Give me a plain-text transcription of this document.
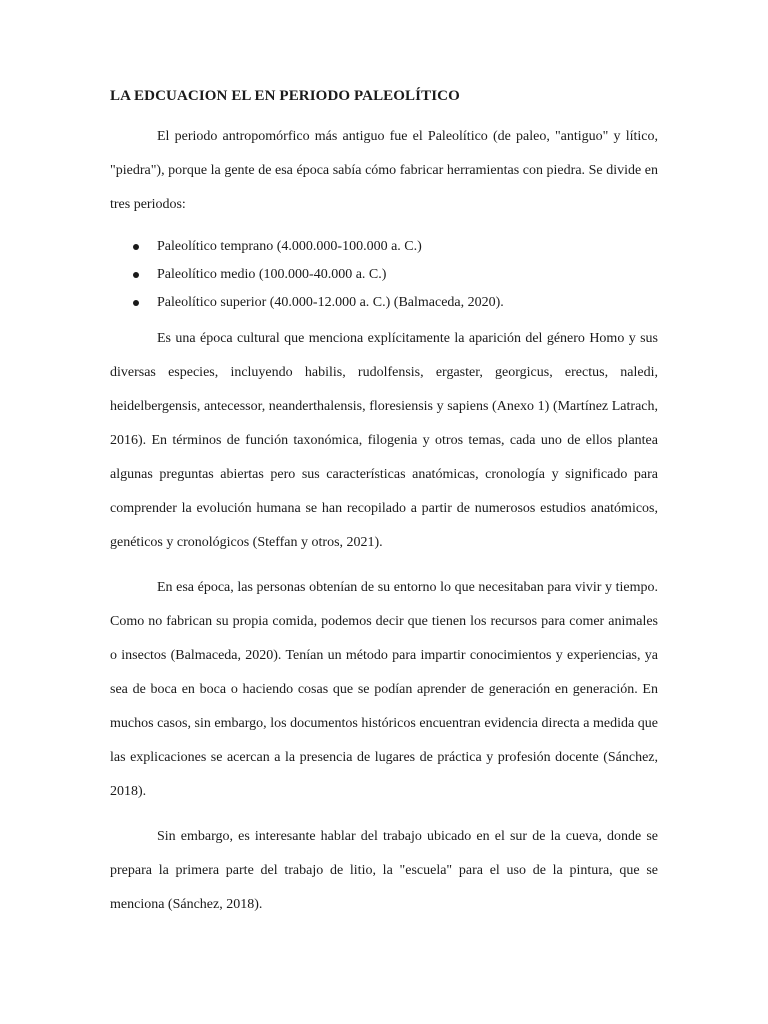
LA EDCUACION EL EN PERIODO PALEOLÍTICO

El periodo antropomórfico más antiguo fue el Paleolítico (de paleo, "antiguo" y lítico, "piedra"), porque la gente de esa época sabía cómo fabricar herramientas con piedra. Se divide en tres periodos:

Paleolítico temprano (4.000.000-100.000 a. C.)
Paleolítico medio (100.000-40.000 a. C.)
Paleolítico superior (40.000-12.000 a. C.) (Balmaceda, 2020).

Es una época cultural que menciona explícitamente la aparición del género Homo y sus diversas especies, incluyendo habilis, rudolfensis, ergaster, georgicus, erectus, naledi, heidelbergensis, antecessor, neanderthalensis, floresiensis y sapiens (Anexo 1) (Martínez Latrach, 2016). En términos de función taxonómica, filogenia y otros temas, cada uno de ellos plantea algunas preguntas abiertas pero sus características anatómicas, cronología y significado para comprender la evolución humana se han recopilado a partir de numerosos estudios anatómicos, genéticos y cronológicos (Steffan y otros, 2021).

En esa época, las personas obtenían de su entorno lo que necesitaban para vivir y tiempo. Como no fabrican su propia comida, podemos decir que tienen los recursos para comer animales o insectos (Balmaceda, 2020). Tenían un método para impartir conocimientos y experiencias, ya sea de boca en boca o haciendo cosas que se podían aprender de generación en generación. En muchos casos, sin embargo, los documentos históricos encuentran evidencia directa a medida que las explicaciones se acercan a la presencia de lugares de práctica y profesión docente (Sánchez, 2018).

Sin embargo, es interesante hablar del trabajo ubicado en el sur de la cueva, donde se prepara la primera parte del trabajo de litio, la "escuela" para el uso de la pintura, que se menciona (Sánchez, 2018).
